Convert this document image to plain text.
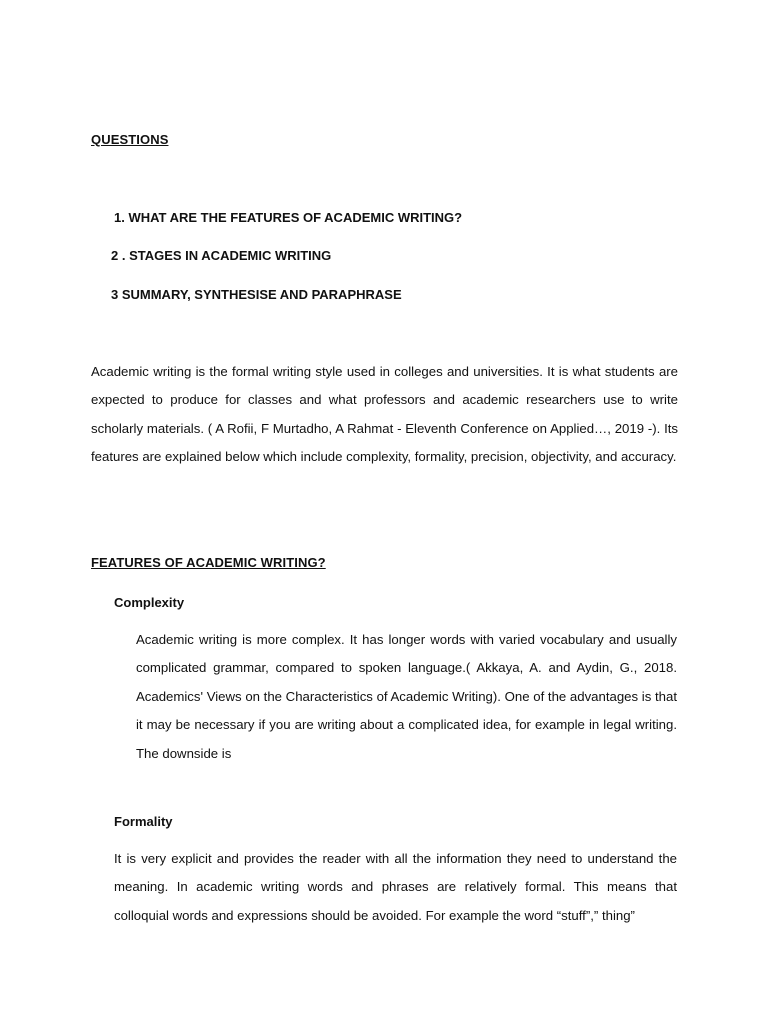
QUESTIONS
1. WHAT ARE THE FEATURES OF ACADEMIC WRITING?
2 . STAGES IN ACADEMIC WRITING
3 SUMMARY, SYNTHESISE AND PARAPHRASE

Academic writing is the formal writing style used in colleges and universities. It is what students are expected to produce for classes and what professors and academic researchers use to write scholarly materials. ( A Rofii, F Murtadho, A Rahmat - Eleventh Conference on Applied…, 2019 -). Its features are explained below which include complexity, formality, precision, objectivity, and accuracy.

FEATURES OF ACADEMIC WRITING?
Complexity

Academic writing is more complex. It has longer words with varied vocabulary and usually complicated grammar, compared to spoken language.( Akkaya, A. and Aydin, G., 2018. Academics' Views on the Characteristics of Academic Writing). One of the advantages is that it may be necessary if you are writing about a complicated idea, for example in legal writing. The downside is

Formality

It is very explicit and provides the reader with all the information they need to understand the meaning. In academic writing words and phrases are relatively formal. This means that colloquial words and expressions should be avoided. For example the word “stuff”,” thing”
